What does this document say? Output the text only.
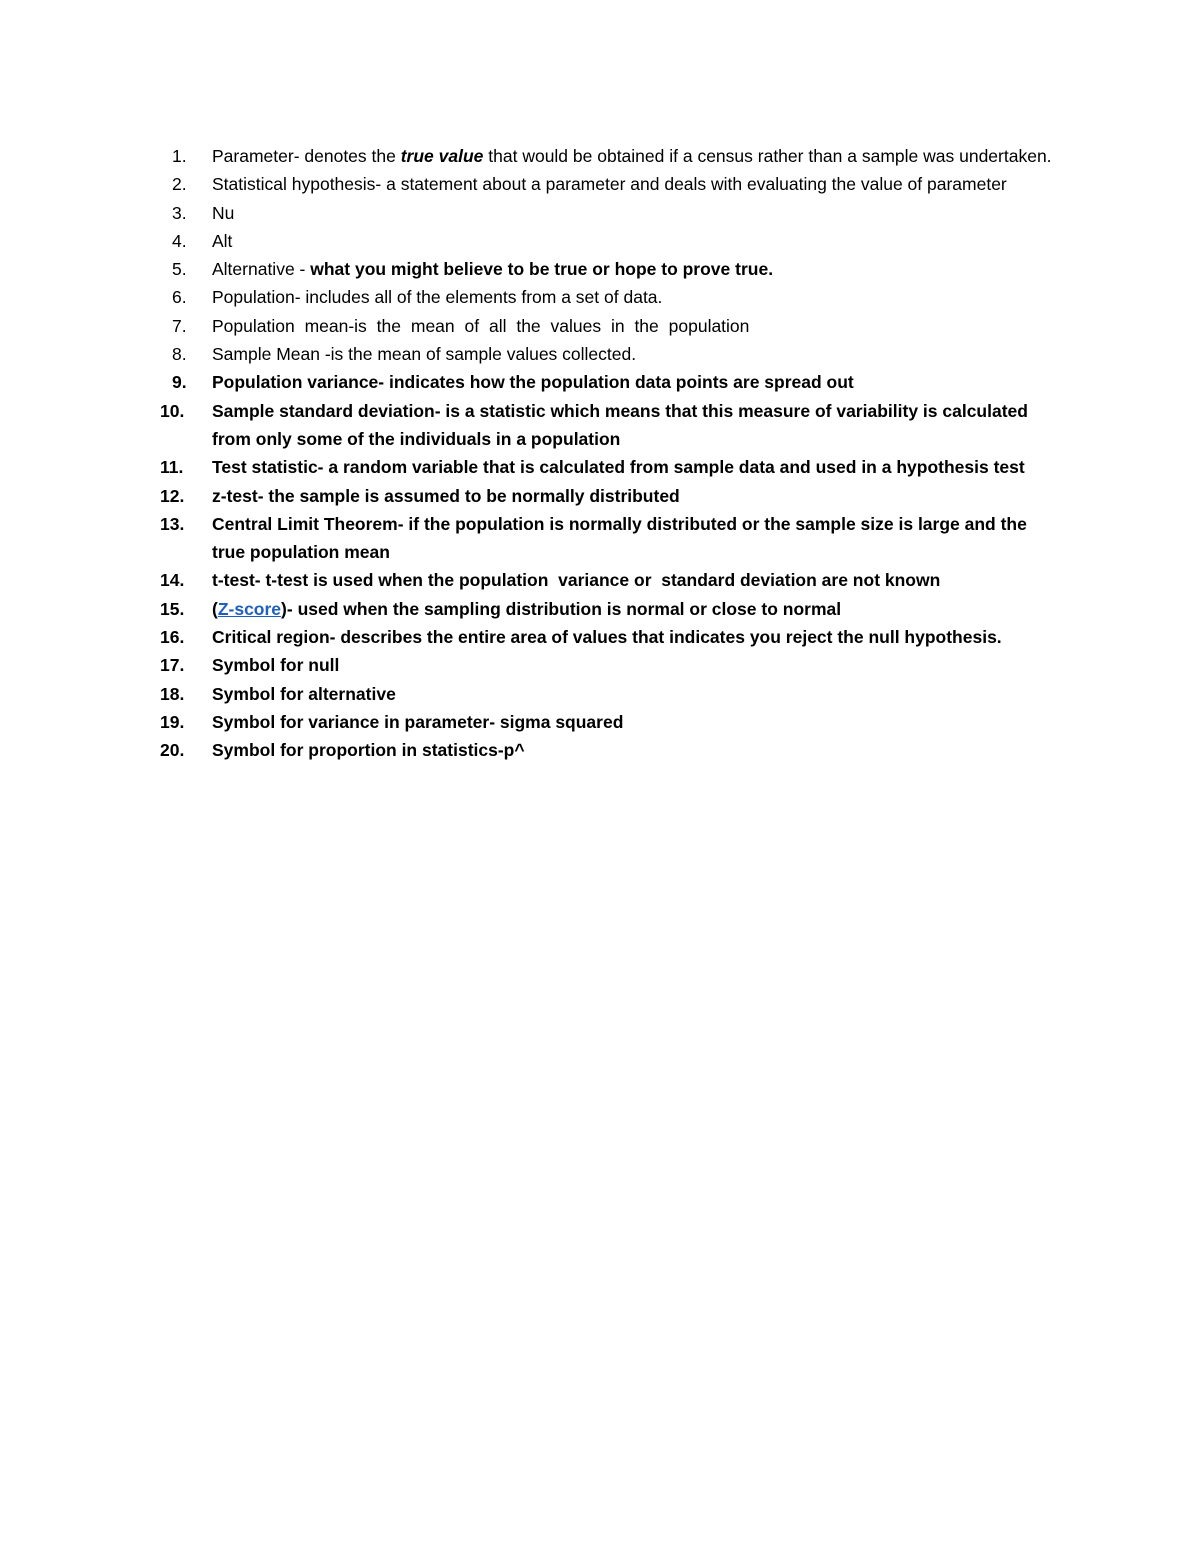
1.	Parameter- denotes the true value that would be obtained if a census rather than a sample was undertaken.
2.	Statistical hypothesis- a statement about a parameter and deals with evaluating the value of parameter
3.	Nu
4.	Alt
5.	Alternative - what you might believe to be true or hope to prove true.
6.	Population- includes all of the elements from a set of data.
7.	Population mean-is the mean of all the values in the population
8.	Sample Mean -is the mean of sample values collected.
9.	Population variance- indicates how the population data points are spread out
10.	Sample standard deviation- is a statistic which means that this measure of variability is calculated from only some of the individuals in a population
11.	Test statistic- a random variable that is calculated from sample data and used in a hypothesis test
12.	z-test- the sample is assumed to be normally distributed
13.	Central Limit Theorem- if the population is normally distributed or the sample size is large and the true population mean
14.	t-test- t-test is used when the population  variance or  standard deviation are not known
15.	(Z-score)- used when the sampling distribution is normal or close to normal
16.	Critical region- describes the entire area of values that indicates you reject the null hypothesis.
17.	Symbol for null
18.	Symbol for alternative
19.	Symbol for variance in parameter- sigma squared
20.	Symbol for proportion in statistics-p^
